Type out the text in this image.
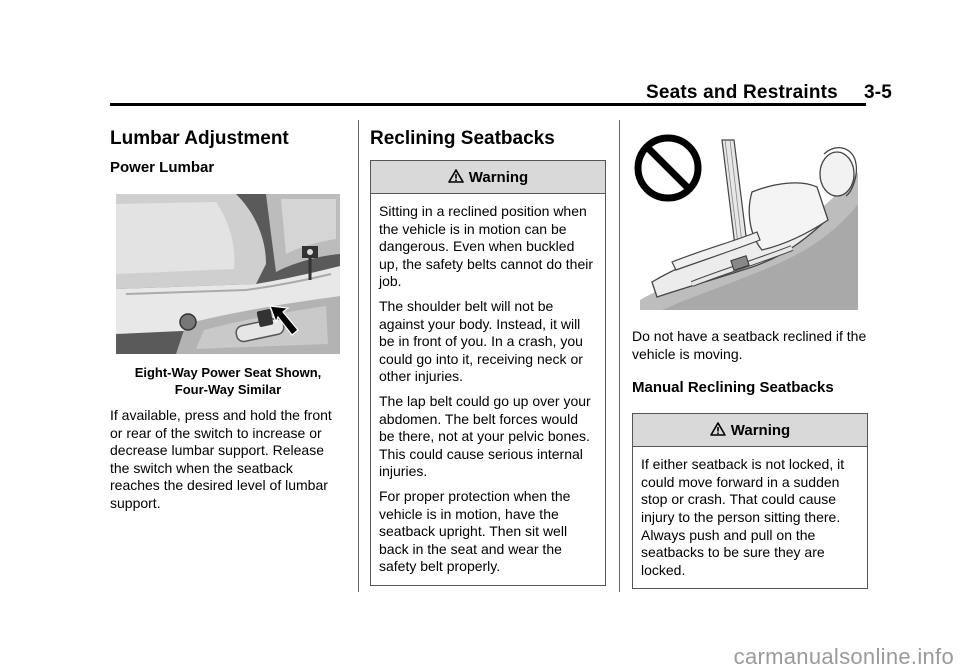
Seats and Restraints 3-5
Lumbar Adjustment
Power Lumbar

Eight-Way Power Seat Shown,
Four-Way Similar

If available, press and hold the front or rear of the switch to increase or decrease lumbar support. Release the switch when the seatback reaches the desired level of lumbar support.

Reclining Seatbacks
Warning

Sitting in a reclined position when the vehicle is in motion can be dangerous. Even when buckled up, the safety belts cannot do their job.

The shoulder belt will not be against your body. Instead, it will be in front of you. In a crash, you could go into it, receiving neck or other injuries.

The lap belt could go up over your abdomen. The belt forces would be there, not at your pelvic bones. This could cause serious internal injuries.

For proper protection when the vehicle is in motion, have the seatback upright. Then sit well back in the seat and wear the safety belt properly.

Do not have a seatback reclined if the vehicle is moving.

Manual Reclining Seatbacks
Warning

If either seatback is not locked, it could move forward in a sudden stop or crash. That could cause injury to the person sitting there. Always push and pull on the seatbacks to be sure they are locked.

carmanualsonline.info
